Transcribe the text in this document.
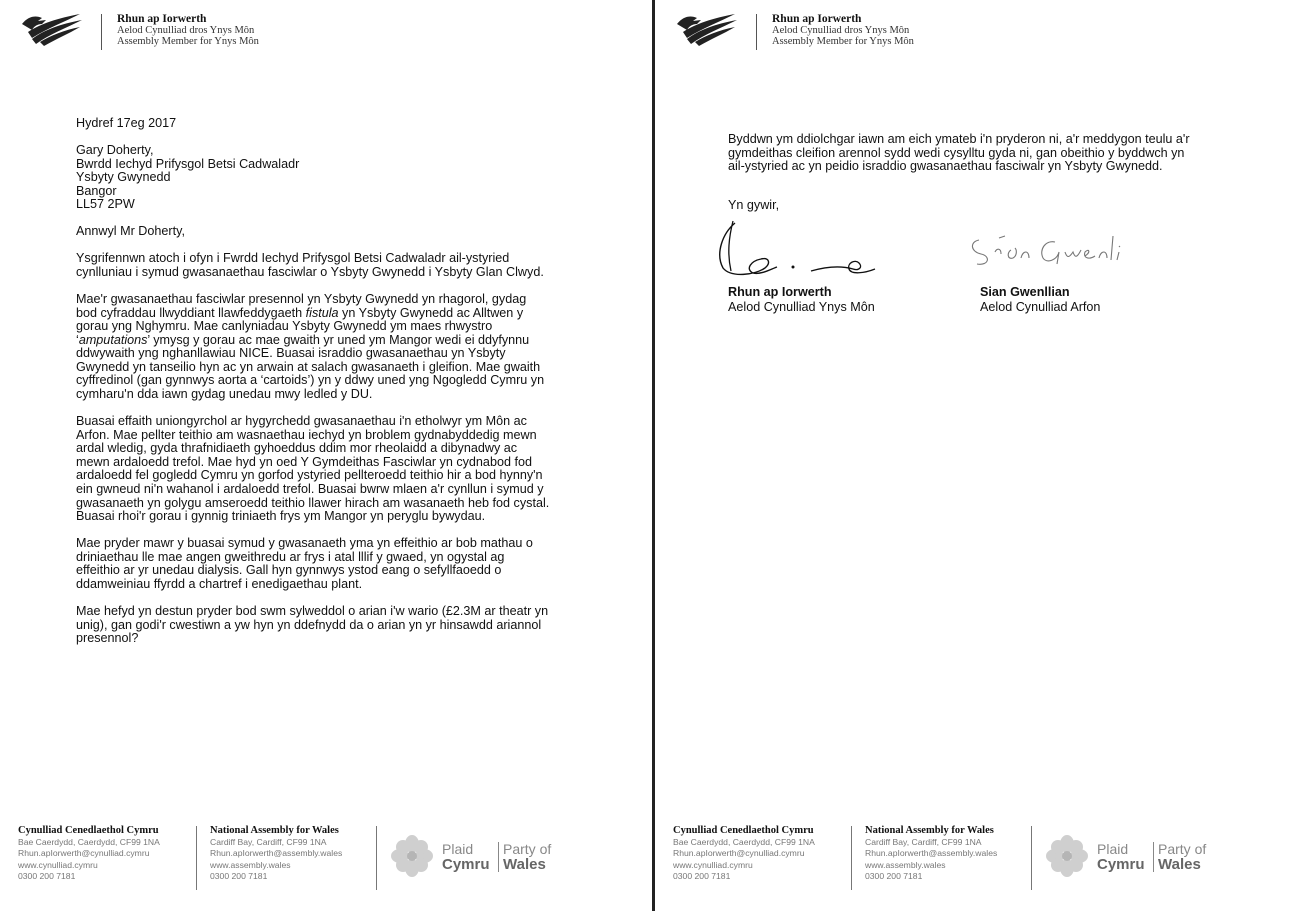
Rhun ap Iorwerth
Aelod Cynulliad dros Ynys Môn
Assembly Member for Ynys Môn

Hydref 17eg 2017

Gary Doherty,
Bwrdd Iechyd Prifysgol Betsi Cadwaladr
Ysbyty Gwynedd
Bangor
LL57 2PW

Annwyl Mr Doherty,

Ysgrifennwn atoch i ofyn i Fwrdd Iechyd Prifysgol Betsi Cadwaladr ail-ystyried
cynlluniau i symud gwasanaethau fasciwlar o Ysbyty Gwynedd i Ysbyty Glan Clwyd.

Mae'r gwasanaethau fasciwlar presennol yn Ysbyty Gwynedd yn rhagorol, gydag
bod cyfraddau llwyddiant llawfeddygaeth fistula yn Ysbyty Gwynedd ac Alltwen y
gorau yng Nghymru. Mae canlyniadau Ysbyty Gwynedd ym maes rhwystro
‘amputations’ ymysg y gorau ac mae gwaith yr uned ym Mangor wedi ei ddyfynnu
ddwywaith yng nghanllawiau NICE. Buasai israddio gwasanaethau yn Ysbyty
Gwynedd yn tanseilio hyn ac yn arwain at salach gwasanaeth i gleifion. Mae gwaith
cyffredinol (gan gynnwys aorta a ‘cartoids’) yn y ddwy uned yng Ngogledd Cymru yn
cymharu'n dda iawn gydag unedau mwy ledled y DU.

Buasai effaith uniongyrchol ar hygyrchedd gwasanaethau i'n etholwyr ym Môn ac
Arfon. Mae pellter teithio am wasnaethau iechyd yn broblem gydnabyddedig mewn
ardal wledig, gyda thrafnidiaeth gyhoeddus ddim mor rheolaidd a dibynadwy ac
mewn ardaloedd trefol. Mae hyd yn oed Y Gymdeithas Fasciwlar yn cydnabod fod
ardaloedd fel gogledd Cymru yn gorfod ystyried pellteroedd teithio hir a bod hynny'n
ein gwneud ni'n wahanol i ardaloedd trefol. Buasai bwrw mlaen a'r cynllun i symud y
gwasanaeth yn golygu amseroedd teithio llawer hirach am wasanaeth heb fod cystal.
Buasai rhoi'r gorau i gynnig triniaeth frys ym Mangor yn peryglu bywydau.

Mae pryder mawr y buasai symud y gwasanaeth yma yn effeithio ar bob mathau o
driniaethau lle mae angen gweithredu ar frys i atal lllif y gwaed, yn ogystal ag
effeithio ar yr unedau dialysis. Gall hyn gynnwys ystod eang o sefyllfaoedd o
ddamweiniau ffyrdd a chartref i enedigaethau plant.

Mae hefyd yn destun pryder bod swm sylweddol o arian i'w wario (£2.3M ar theatr yn
unig), gan godi'r cwestiwn a yw hyn yn ddefnydd da o arian yn yr hinsawdd ariannol
presennol?

Cynulliad Cenedlaethol Cymru
Bae Caerdydd, Caerdydd, CF99 1NA
Rhun.apIorwerth@cynulliad.cymru
www.cynulliad.cymru
0300 200 7181
National Assembly for Wales
Cardiff Bay, Cardiff, CF99 1NA
Rhun.apIorwerth@assembly.wales
www.assembly.wales
0300 200 7181
Plaid	Party of
Cymru Wales
Rhun ap Iorwerth
Aelod Cynulliad dros Ynys Môn
Assembly Member for Ynys Môn

Byddwn ym ddiolchgar iawn am eich ymateb i'n pryderon ni, a'r meddygon teulu a'r
gymdeithas cleifion arennol sydd wedi cysylltu gyda ni, gan obeithio y byddwch yn
ail-ystyried ac yn peidio israddio gwasanaethau fasciwalr yn Ysbyty Gwynedd.

Yn gywir,
Rhun ap Iorwerth
Aelod Cynulliad Ynys Môn
Sian Gwenllian
Aelod Cynulliad Arfon
Cynulliad Cenedlaethol Cymru
Bae Caerdydd, Caerdydd, CF99 1NA
Rhun.apIorwerth@cynulliad.cymru
www.cynulliad.cymru
0300 200 7181
National Assembly for Wales
Cardiff Bay, Cardiff, CF99 1NA
Rhun.apIorwerth@assembly.wales
www.assembly.wales
0300 200 7181
Plaid	Party of
Cymru Wales
